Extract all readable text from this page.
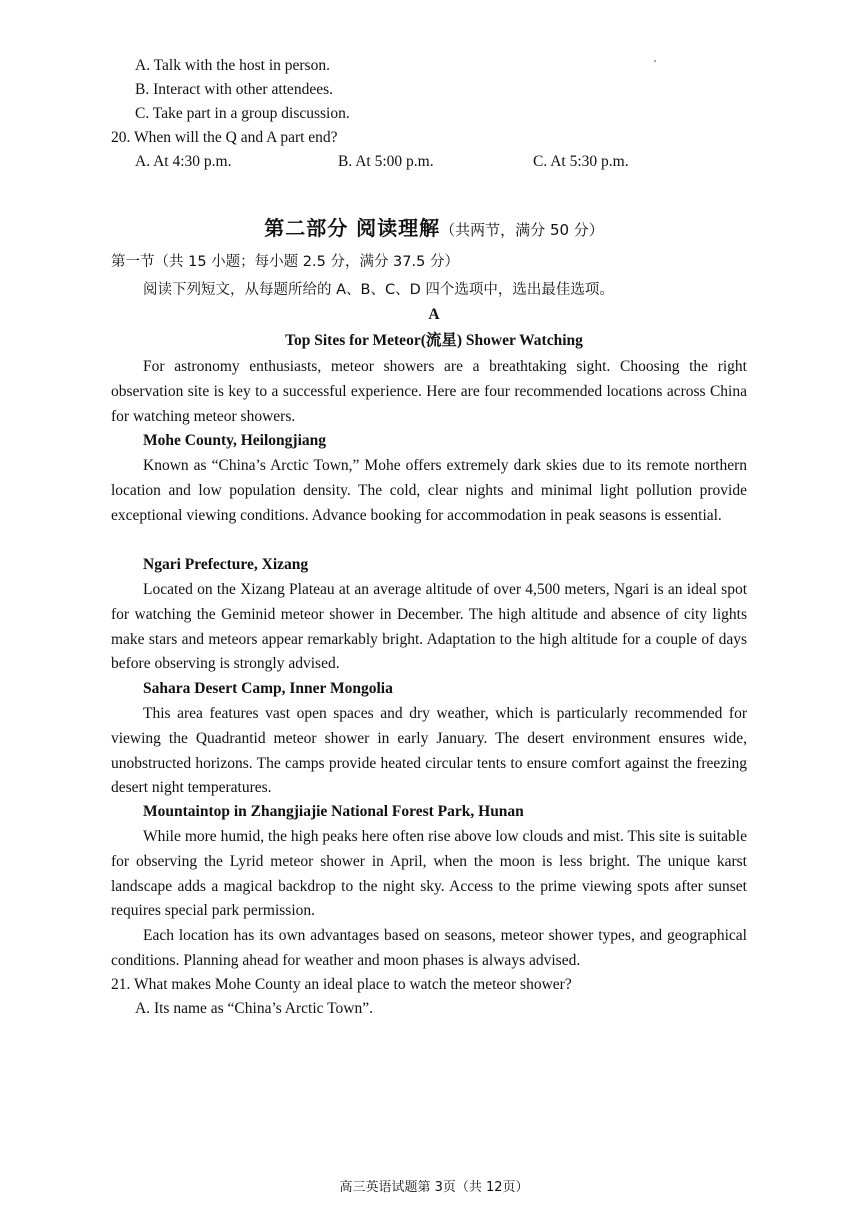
A. Talk with the host in person.
B. Interact with other attendees.
C. Take part in a group discussion.
20. When will the Q and A part end?
A. At 4:30 p.m.	B. At 5:00 p.m.	C. At 5:30 p.m.
第二部分 阅读理解（共两节，满分 50 分）
第一节（共 15 小题；每小题 2.5 分，满分 37.5 分）
阅读下列短文，从每题所给的 A、B、C、D 四个选项中，选出最佳选项。
A
Top Sites for Meteor(流星) Shower Watching
For astronomy enthusiasts, meteor showers are a breathtaking sight. Choosing the right observation site is key to a successful experience. Here are four recommended locations across China for watching meteor showers.
Mohe County, Heilongjiang
Known as “China’s Arctic Town,” Mohe offers extremely dark skies due to its remote northern location and low population density. The cold, clear nights and minimal light pollution provide exceptional viewing conditions. Advance booking for accommodation in peak seasons is essential.
Ngari Prefecture, Xizang
Located on the Xizang Plateau at an average altitude of over 4,500 meters, Ngari is an ideal spot for watching the Geminid meteor shower in December. The high altitude and absence of city lights make stars and meteors appear remarkably bright. Adaptation to the high altitude for a couple of days before observing is strongly advised.
Sahara Desert Camp, Inner Mongolia
This area features vast open spaces and dry weather, which is particularly recommended for viewing the Quadrantid meteor shower in early January. The desert environment ensures wide, unobstructed horizons. The camps provide heated circular tents to ensure comfort against the freezing desert night temperatures.
Mountaintop in Zhangjiajie National Forest Park, Hunan
While more humid, the high peaks here often rise above low clouds and mist. This site is suitable for observing the Lyrid meteor shower in April, when the moon is less bright. The unique karst landscape adds a magical backdrop to the night sky. Access to the prime viewing spots after sunset requires special park permission.
Each location has its own advantages based on seasons, meteor shower types, and geographical conditions. Planning ahead for weather and moon phases is always advised.
21. What makes Mohe County an ideal place to watch the meteor shower?
A. Its name as “China’s Arctic Town”.
高三英语试题第 3页（共 12页）
